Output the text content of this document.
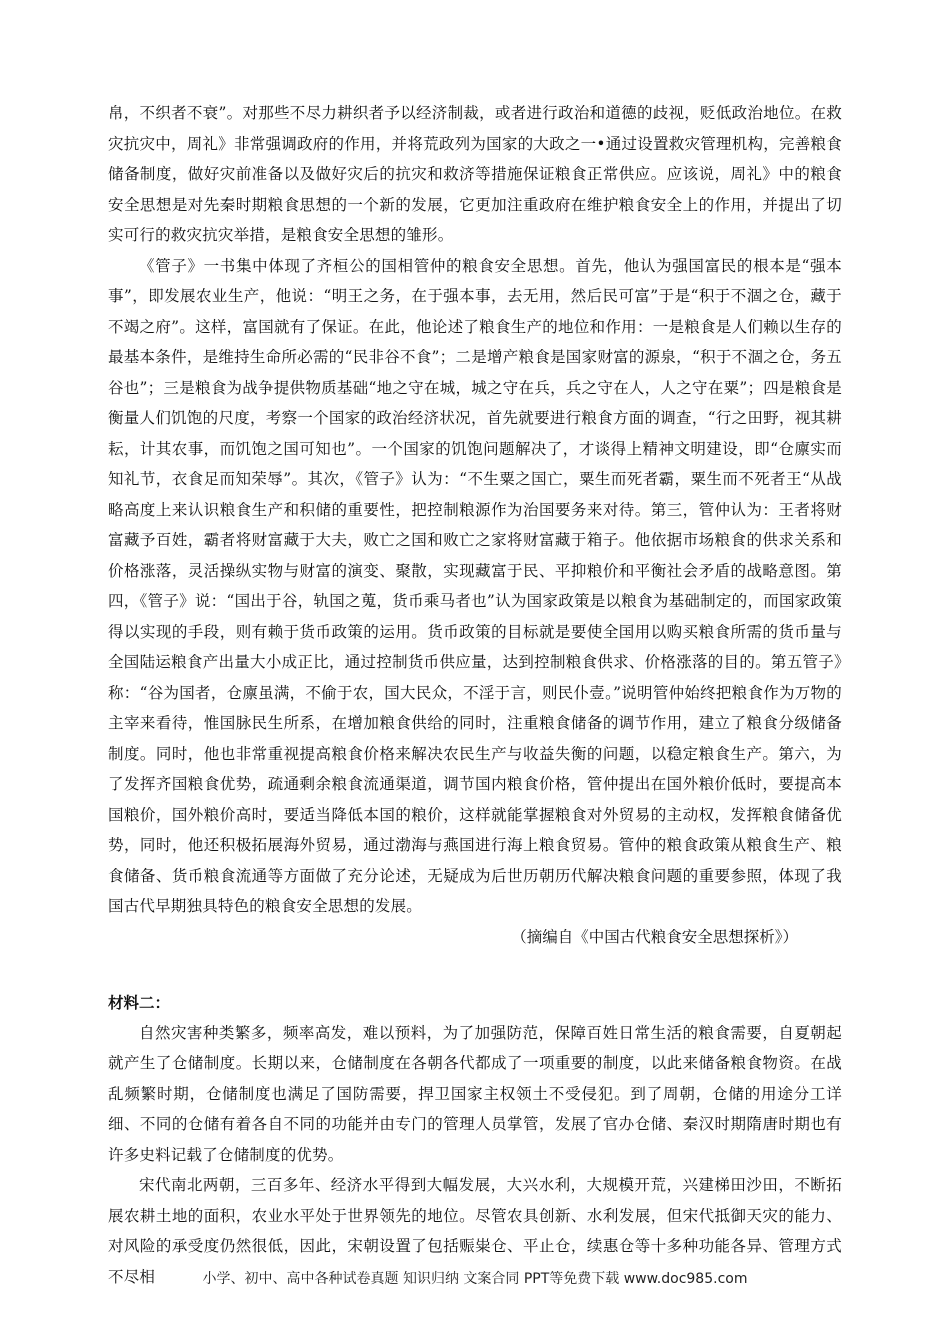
帛，不织者不衰”。对那些不尽力耕织者予以经济制裁，或者进行政治和道德的歧视，贬低政治地位。在救灾抗灾中，周礼》非常强调政府的作用，并将荒政列为国家的大政之一•通过设置救灾管理机构，完善粮食储备制度，做好灾前准备以及做好灾后的抗灾和救济等措施保证粮食正常供应。应该说，周礼》中的粮食安全思想是对先秦时期粮食思想的一个新的发展，它更加注重政府在维护粮食安全上的作用，并提出了切实可行的救灾抗灾举措，是粮食安全思想的雏形。

《管子》一书集中体现了齐桓公的国相管仲的粮食安全思想。首先，他认为强国富民的根本是“强本事”，即发展农业生产，他说：“明王之务，在于强本事，去无用，然后民可富”于是“积于不涸之仓，藏于不竭之府”。这样，富国就有了保证。在此，他论述了粮食生产的地位和作用：一是粮食是人们赖以生存的最基本条件，是维持生命所必需的“民非谷不食”；二是增产粮食是国家财富的源泉，“积于不涸之仓，务五谷也”；三是粮食为战争提供物质基础“地之守在城，城之守在兵，兵之守在人，人之守在粟”；四是粮食是衡量人们饥饱的尺度，考察一个国家的政治经济状况，首先就要进行粮食方面的调查，“行之田野，视其耕耘，计其农事，而饥饱之国可知也”。一个国家的饥饱问题解决了，才谈得上精神文明建设，即“仓廪实而知礼节，衣食足而知荣辱”。其次，《管子》认为：“不生粟之国亡，粟生而死者霸，粟生而不死者王“从战略高度上来认识粮食生产和积储的重要性，把控制粮源作为治国要务来对待。第三，管仲认为：王者将财富藏予百姓，霸者将财富藏于大夫，败亡之国和败亡之家将财富藏于箱子。他依据市场粮食的供求关系和价格涨落，灵活操纵实物与财富的演变、聚散，实现藏富于民、平抑粮价和平衡社会矛盾的战略意图。第四，《管子》说：“国出于谷，轨国之蒐，货币乘马者也”认为国家政策是以粮食为基础制定的，而国家政策得以实现的手段，则有赖于货币政策的运用。货币政策的目标就是要使全国用以购买粮食所需的货币量与全国陆运粮食产出量大小成正比，通过控制货币供应量，达到控制粮食供求、价格涨落的目的。第五管子》称：“谷为国者，仓廪虽满，不偷于农，国大民众，不淫于言，则民仆壹。”说明管仲始终把粮食作为万物的主宰来看待，惟国脉民生所系，在增加粮食供给的同时，注重粮食储备的调节作用，建立了粮食分级储备制度。同时，他也非常重视提高粮食价格来解决农民生产与收益失衡的问题，以稳定粮食生产。第六，为了发挥齐国粮食优势，疏通剩余粮食流通渠道，调节国内粮食价格，管仲提出在国外粮价低时，要提高本国粮价，国外粮价高时，要适当降低本国的粮价，这样就能掌握粮食对外贸易的主动权，发挥粮食储备优势，同时，他还积极拓展海外贸易，通过渤海与燕国进行海上粮食贸易。管仲的粮食政策从粮食生产、粮食储备、货币粮食流通等方面做了充分论述，无疑成为后世历朝历代解决粮食问题的重要参照，体现了我国古代早期独具特色的粮食安全思想的发展。

（摘编自《中国古代粮食安全思想探析》）

材料二：

自然灾害种类繁多，频率高发，难以预料，为了加强防范，保障百姓日常生活的粮食需要，自夏朝起就产生了仓储制度。长期以来，仓储制度在各朝各代都成了一项重要的制度，以此来储备粮食物资。在战乱频繁时期，仓储制度也满足了国防需要，捍卫国家主权领土不受侵犯。到了周朝，仓储的用途分工详细、不同的仓储有着各自不同的功能并由专门的管理人员掌管，发展了官办仓储、秦汉时期隋唐时期也有许多史料记载了仓储制度的优势。

宋代南北两朝，三百多年、经济水平得到大幅发展，大兴水利，大规模开荒，兴建梯田沙田，不断拓展农耕土地的面积，农业水平处于世界领先的地位。尽管农具创新、水利发展，但宋代抵御天灾的能力、对风险的承受度仍然很低，因此，宋朝设置了包括赈粜仓、平止仓，续惠仓等十多种功能各异、管理方式不尽相	小学、初中、高中各种试卷真题 知识归纳 文案合同 PPT等免费下载 www.doc985.com
